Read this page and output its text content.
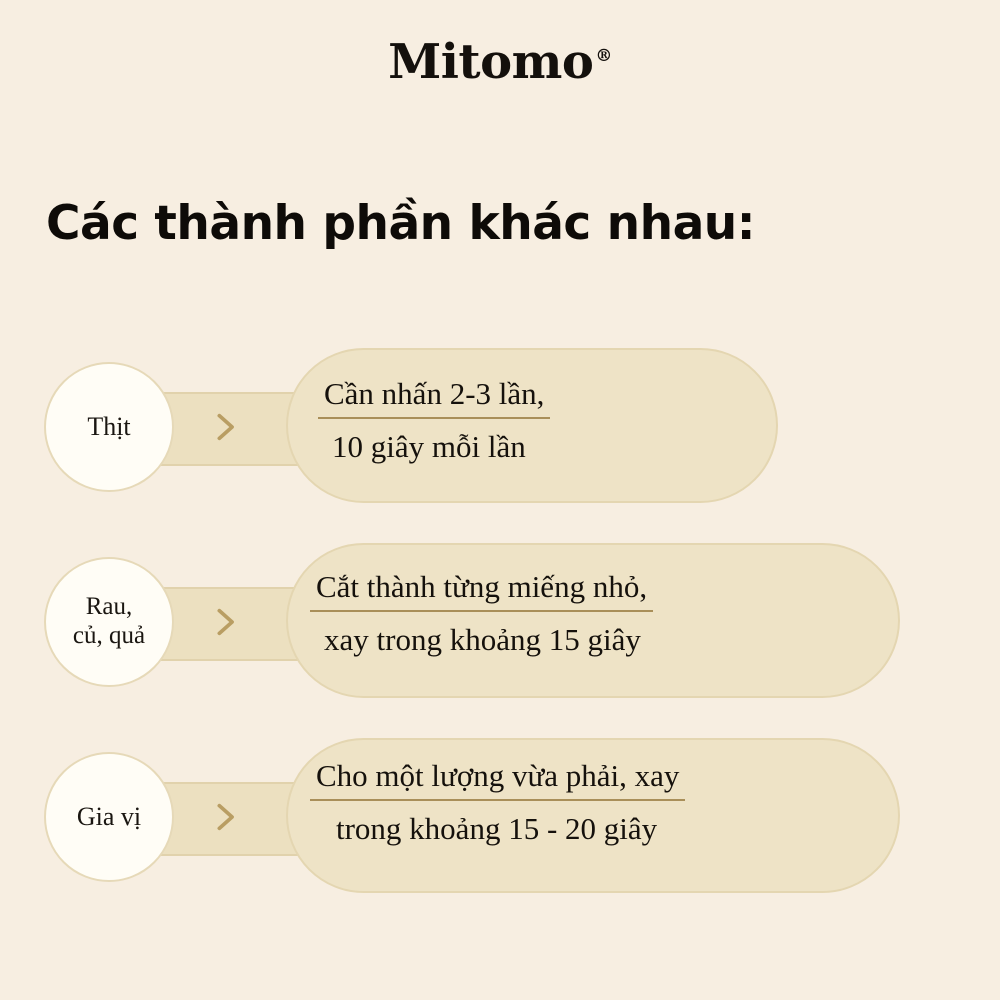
Mitomo ®
Các thành phần khác nhau:
Thịt
Cần nhấn 2-3 lần,
10 giây mỗi lần
Rau,
củ, quả
Cắt thành từng miếng nhỏ,
xay trong khoảng 15 giây
Gia vị
Cho một lượng vừa phải, xay
trong khoảng 15 - 20 giây
